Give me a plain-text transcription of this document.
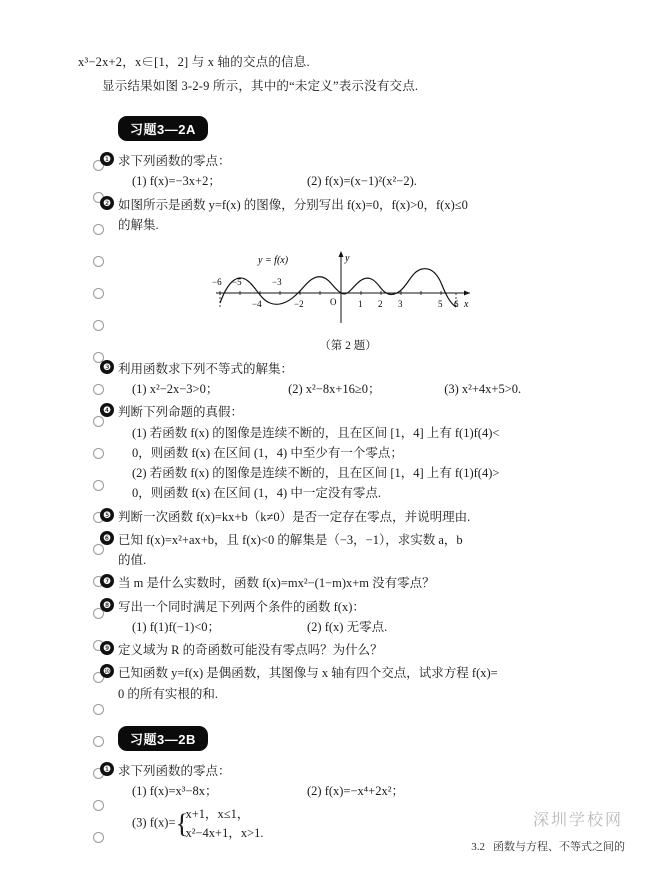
x³−2x+2，x∈[1，2] 与 x 轴的交点的信息.

显示结果如图 3-2-9 所示，其中的“未定义”表示没有交点.

习题3—2A
❶ 求下列函数的零点：
(1) f(x)=−3x+2；	(2) f(x)=(x−1)²(x²−2).
❷ 如图所示是函数 y=f(x) 的图像，分别写出 f(x)=0，f(x)>0，f(x)≤0
的解集.
y = f(x)	y
x
O
−6 −5
−4
−3
−2	1 2 3	5 6
（第 2 题）
❸ 利用函数求下列不等式的解集：
(1) x²−2x−3>0；	(2) x²−8x+16≥0；	(3) x²+4x+5>0.
❹ 判断下列命题的真假：
(1) 若函数 f(x) 的图像是连续不断的，且在区间 [1，4] 上有 f(1)f(4)<
0，则函数 f(x) 在区间 (1，4) 中至少有一个零点；
(2) 若函数 f(x) 的图像是连续不断的，且在区间 [1，4] 上有 f(1)f(4)>
0，则函数 f(x) 在区间 (1，4) 中一定没有零点.
❺ 判断一次函数 f(x)=kx+b（k≠0）是否一定存在零点，并说明理由.
❻ 已知 f(x)=x²+ax+b，且 f(x)<0 的解集是（−3，−1），求实数 a，b
的值.
❼ 当 m 是什么实数时，函数 f(x)=mx²−(1−m)x+m 没有零点？
❽ 写出一个同时满足下列两个条件的函数 f(x)：
(1) f(1)f(−1)<0；	(2) f(x) 无零点.
❾ 定义域为 R 的奇函数可能没有零点吗？为什么？
❿ 已知函数 y=f(x) 是偶函数，其图像与 x 轴有四个交点，试求方程 f(x)=
0 的所有实根的和.
习题3—2B
❶ 求下列函数的零点：
(1) f(x)=x³−8x；	(2) f(x)=−x⁴+2x²；
(3) f(x)= {
x+1，x≤1，
x²−4x+1，x>1.
深圳学校网
3.2 函数与方程、不等式之间的
